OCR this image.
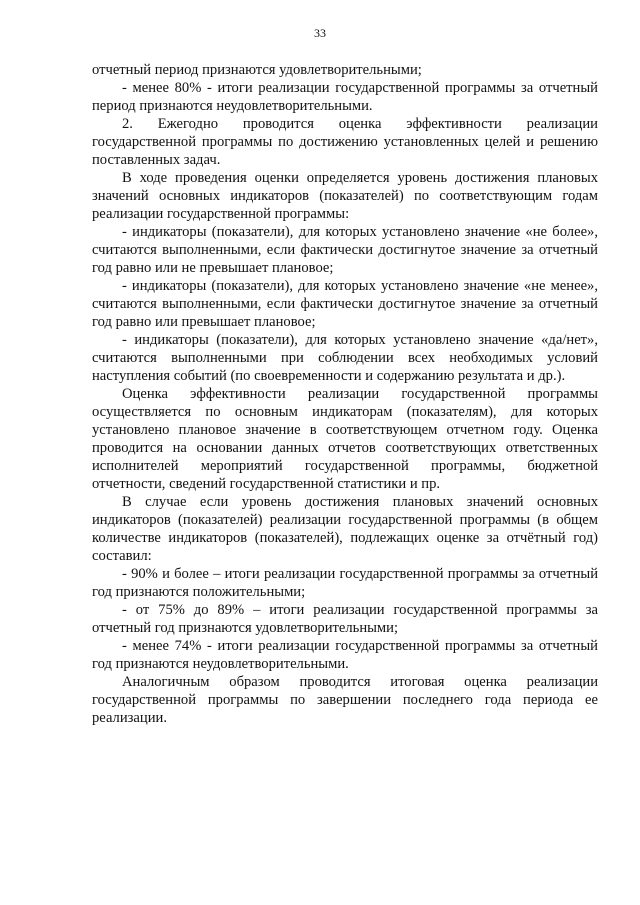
33

отчетный период признаются удовлетворительными;

- менее 80% - итоги реализации государственной программы за отчетный период признаются неудовлетворительными.

2. Ежегодно проводится оценка эффективности реализации государственной программы по достижению установленных целей и решению поставленных задач.

В ходе проведения оценки определяется уровень достижения плановых значений основных индикаторов (показателей) по соответствующим годам реализации государственной программы:

- индикаторы (показатели), для которых установлено значение «не более», считаются выполненными, если фактически достигнутое значение за отчетный год равно или не превышает плановое;

- индикаторы (показатели), для которых установлено значение «не менее», считаются выполненными, если фактически достигнутое значение за отчетный год равно или превышает плановое;

- индикаторы (показатели), для которых установлено значение «да/нет», считаются выполненными при соблюдении всех необходимых условий наступления событий (по своевременности и содержанию результата и др.).

Оценка эффективности реализации государственной программы осуществляется по основным индикаторам (показателям), для которых установлено плановое значение в соответствующем отчетном году. Оценка проводится на основании данных отчетов соответствующих ответственных исполнителей мероприятий государственной программы, бюджетной отчетности, сведений государственной статистики и пр.

В случае если уровень достижения плановых значений основных индикаторов (показателей) реализации государственной программы (в общем количестве индикаторов (показателей), подлежащих оценке за отчётный год) составил:

- 90% и более – итоги реализации государственной программы за отчетный год признаются положительными;

- от 75% до 89% – итоги реализации государственной программы за отчетный год признаются удовлетворительными;

- менее 74% - итоги реализации государственной программы за отчетный год признаются неудовлетворительными.

Аналогичным образом проводится итоговая оценка реализации государственной программы по завершении последнего года периода ее реализации.
